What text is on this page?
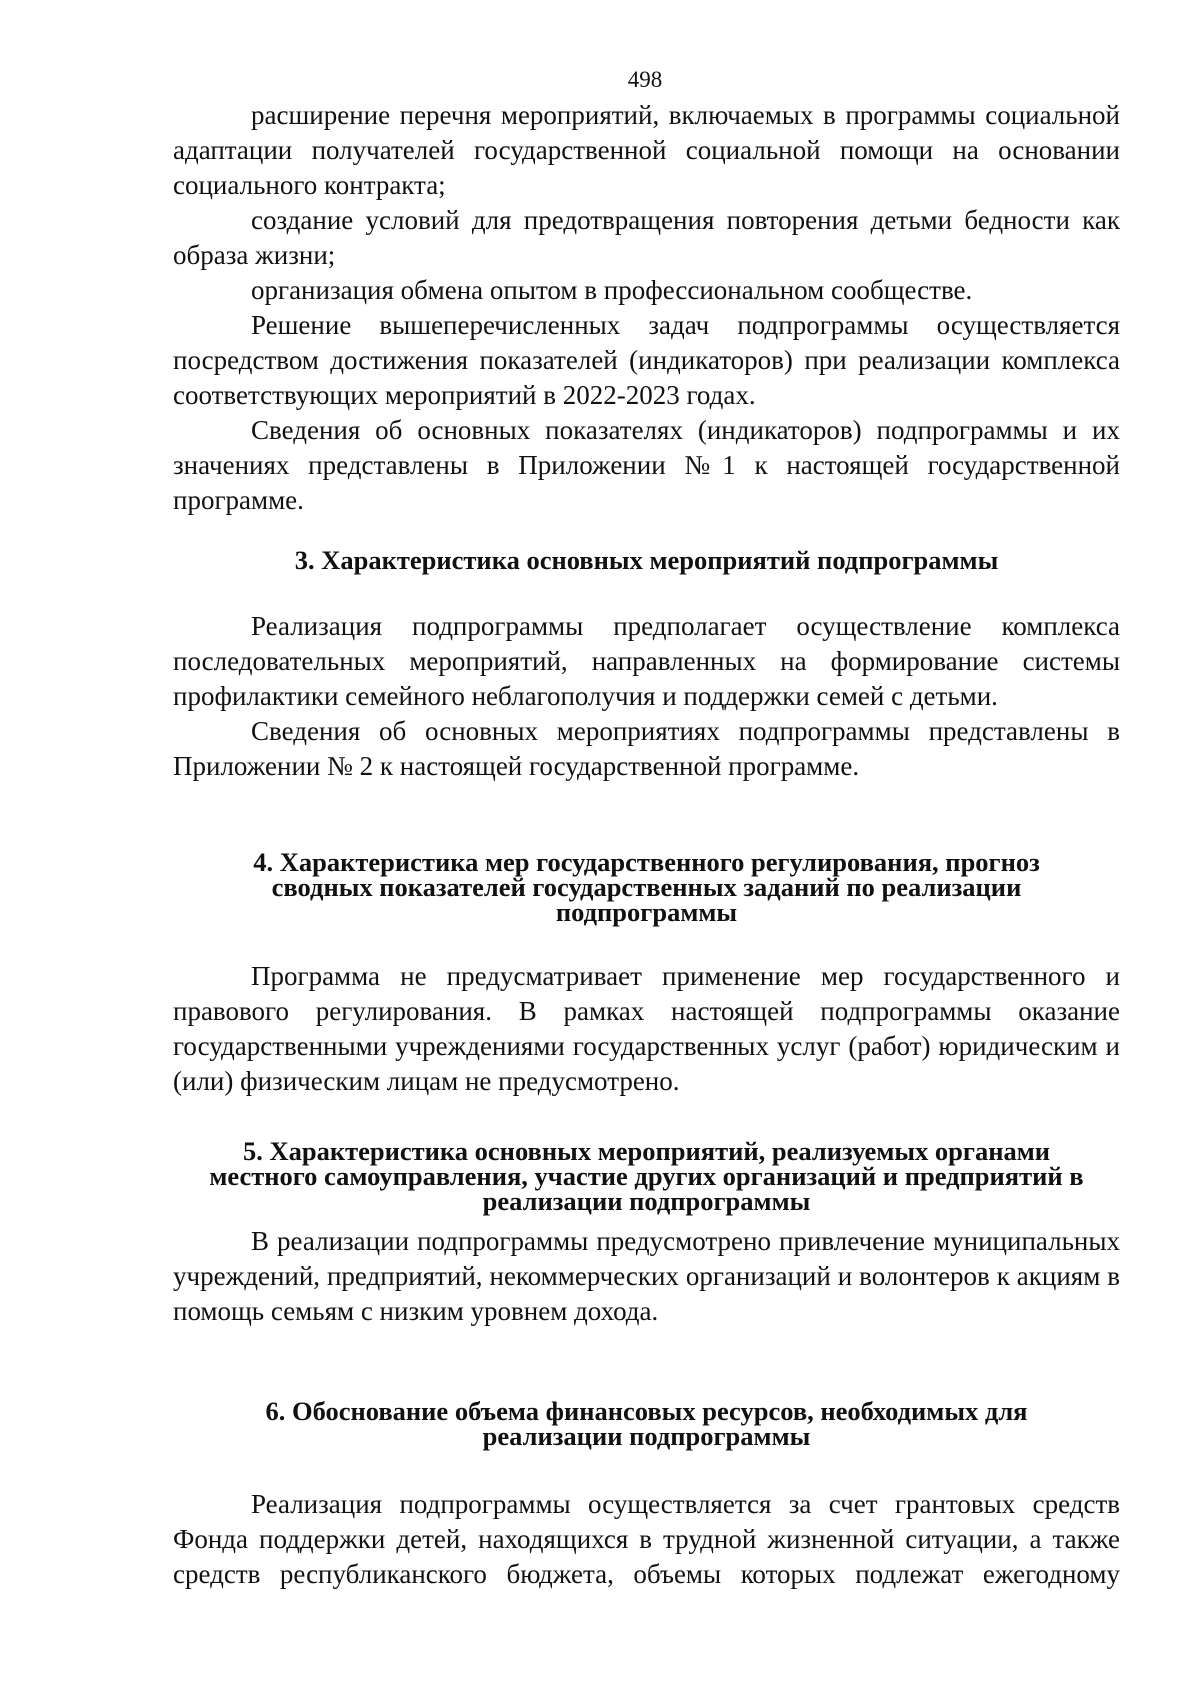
498

расширение перечня мероприятий, включаемых в программы социальной адаптации получателей государственной социальной помощи на основании социального контракта;

создание условий для предотвращения повторения детьми бедности как образа жизни;

организация обмена опытом в профессиональном сообществе.

Решение вышеперечисленных задач подпрограммы осуществляется посредством достижения показателей (индикаторов) при реализации комплекса соответствующих мероприятий в 2022-2023 годах.

Сведения об основных показателях (индикаторов) подпрограммы и их значениях представлены в Приложении №1 к настоящей государственной программе.

3. Характеристика основных мероприятий подпрограммы

Реализация подпрограммы предполагает осуществление комплекса последовательных мероприятий, направленных на формирование системы профилактики семейного неблагополучия и поддержки семей с детьми.

Сведения об основных мероприятиях подпрограммы представлены в Приложении № 2 к настоящей государственной программе.

4. Характеристика мер государственного регулирования, прогноз
сводных показателей государственных заданий по реализации
подпрограммы

Программа не предусматривает применение мер государственного и правового регулирования. В рамках настоящей подпрограммы оказание государственными учреждениями государственных услуг (работ) юридическим и (или) физическим лицам не предусмотрено.

5. Характеристика основных мероприятий, реализуемых органами
местного самоуправления, участие других организаций и предприятий в
реализации подпрограммы

В реализации подпрограммы предусмотрено привлечение муниципальных учреждений, предприятий, некоммерческих организаций и волонтеров к акциям в помощь семьям с низким уровнем дохода.

6. Обоснование объема финансовых ресурсов, необходимых для
реализации подпрограммы

Реализация подпрограммы осуществляется за счет грантовых средств Фонда поддержки детей, находящихся в трудной жизненной ситуации, а также средств республиканского бюджета, объемы которых подлежат ежегодному
